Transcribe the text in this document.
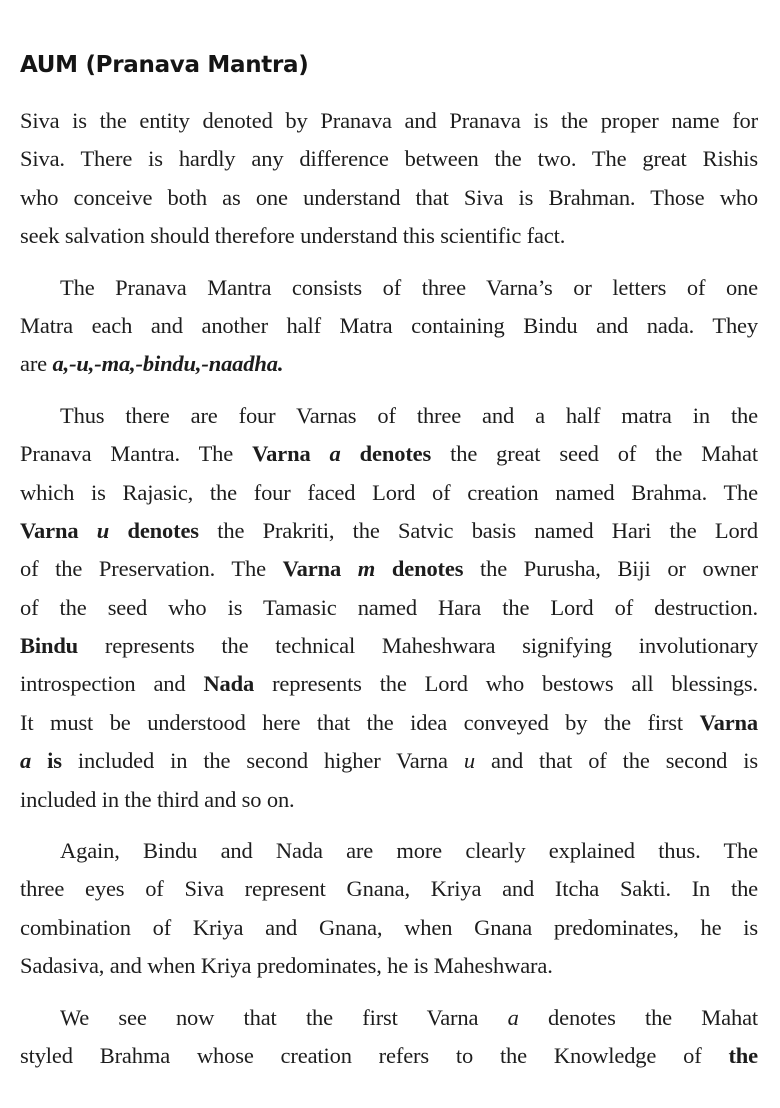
AUM (Pranava Mantra)
Siva is the entity denoted by Pranava and Pranava is the proper name for
Siva. There is hardly any difference between the two. The great Rishis
who conceive both as one understand that Siva is Brahman. Those who
seek salvation should therefore understand this scientific fact.
The Pranava Mantra consists of three Varna’s or letters of one
Matra each and another half Matra containing Bindu and nada. They
are a,-u,-ma,-bindu,-naadha.
Thus there are four Varnas of three and a half matra in the
Pranava Mantra. The Varna a denotes the great seed of the Mahat
which is Rajasic, the four faced Lord of creation named Brahma. The
Varna u denotes the Prakriti, the Satvic basis named Hari the Lord
of the Preservation. The Varna m denotes the Purusha, Biji or owner
of the seed who is Tamasic named Hara the Lord of destruction.
Bindu represents the technical Maheshwara signifying involutionary
introspection and Nada represents the Lord who bestows all blessings.
It must be understood here that the idea conveyed by the first Varna
a is included in the second higher Varna u and that of the second is
included in the third and so on.
Again, Bindu and Nada are more clearly explained thus. The
three eyes of Siva represent Gnana, Kriya and Itcha Sakti. In the
combination of Kriya and Gnana, when Gnana predominates, he is
Sadasiva, and when Kriya predominates, he is Maheshwara.
We see now that the first Varna a denotes the Mahat
styled Brahma whose creation refers to the Knowledge of the
